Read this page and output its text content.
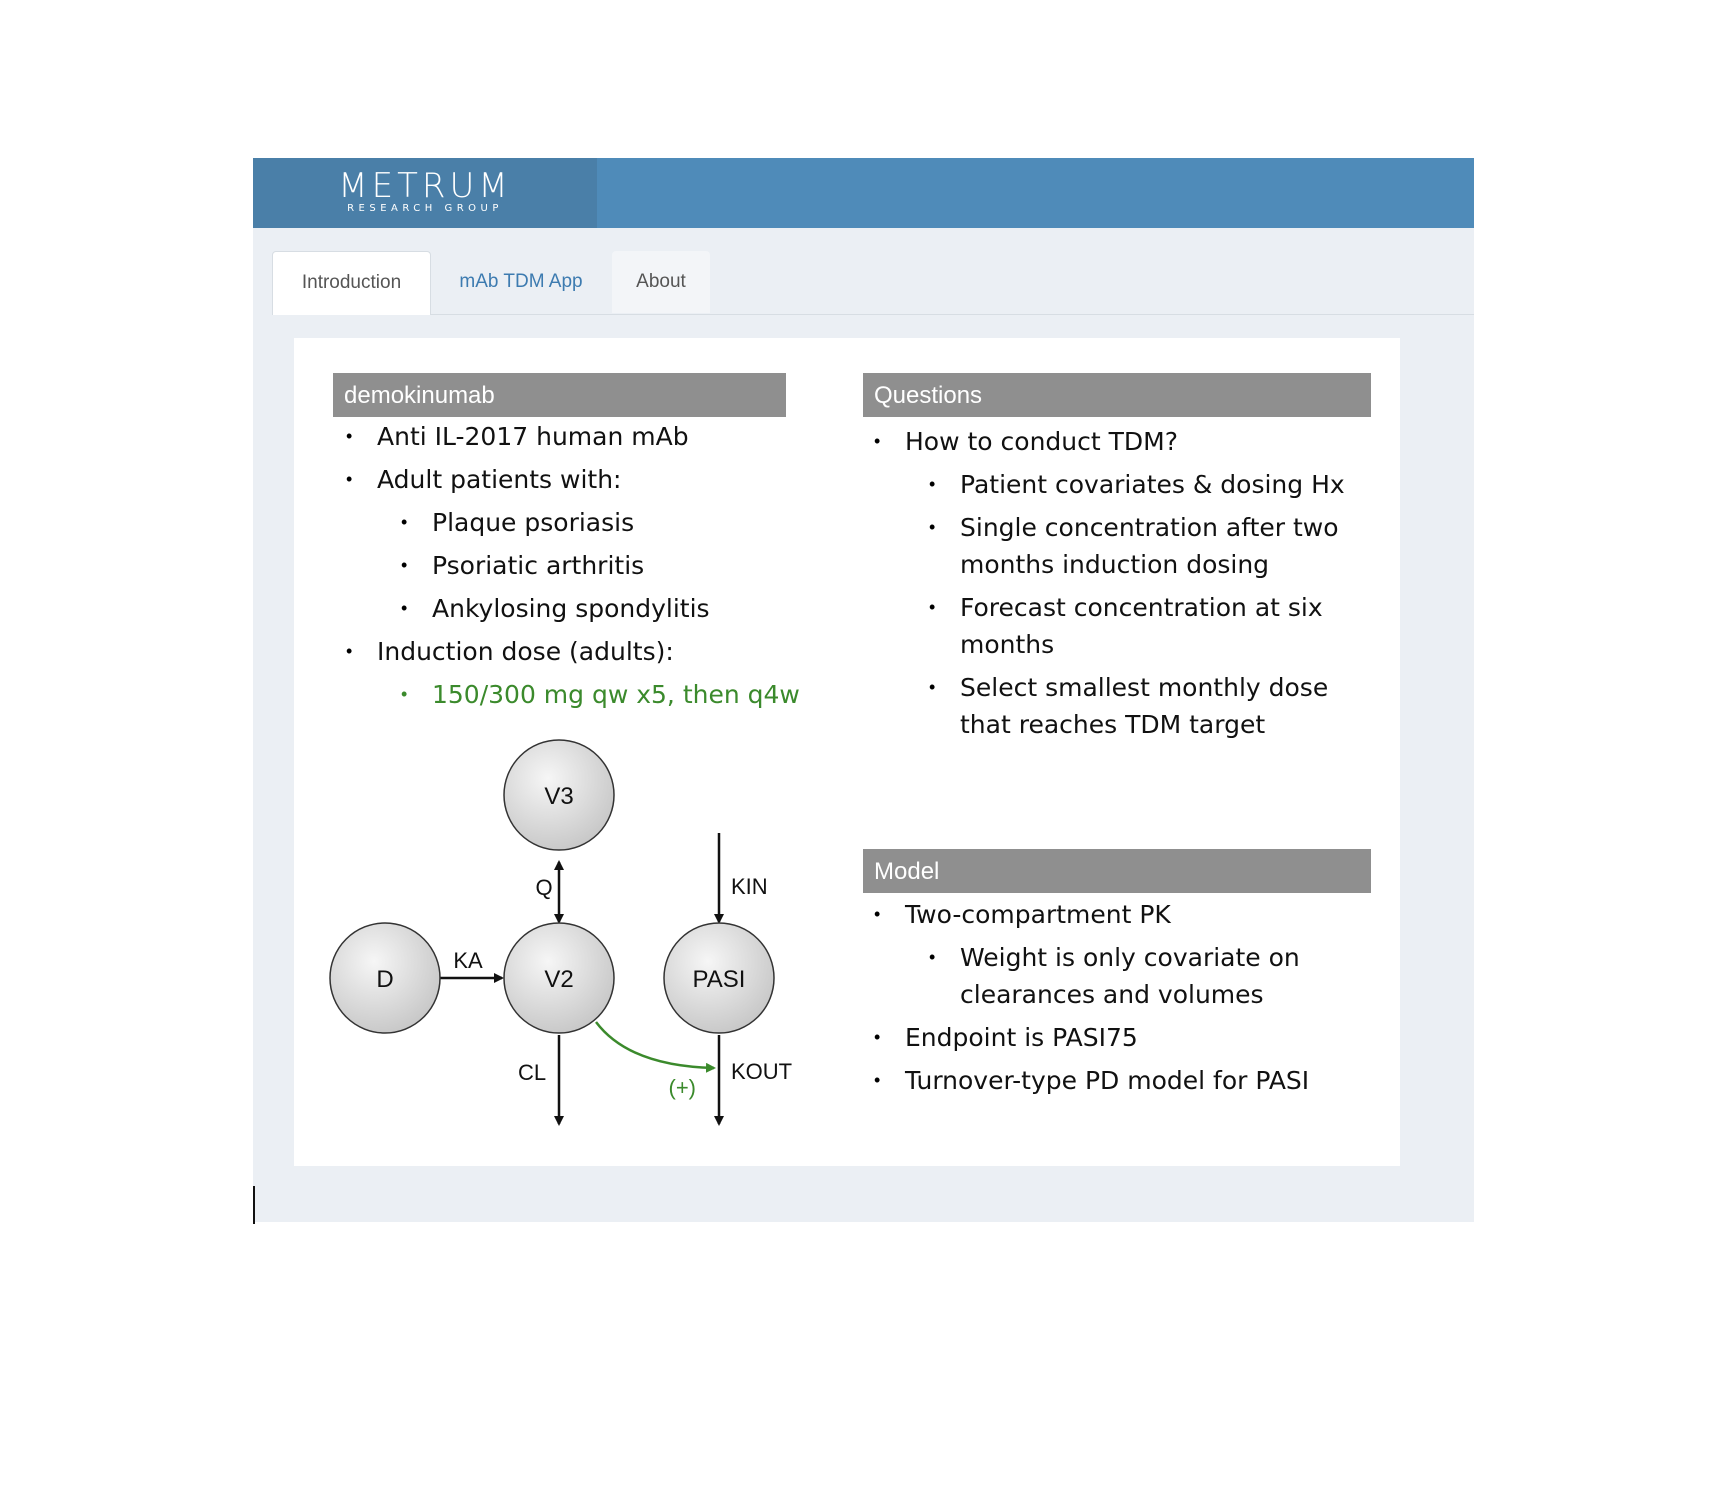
METRUM
RESEARCH GROUP
Introduction	mAb TDM App	About
demokinumab
• Anti IL-2017 human mAb
• Adult patients with:
• Plaque psoriasis
• Psoriatic arthritis
• Ankylosing spondylitis
• Induction dose (adults):
• 150/300 mg qw x5, then q4w
Questions
• How to conduct TDM?
• Patient covariates & dosing Hx
• Single concentration after two
months induction dosing
• Forecast concentration at six
months
• Select smallest monthly dose
that reaches TDM target
Model
• Two-compartment PK
• Weight is only covariate on
clearances and volumes
• Endpoint is PASI75
• Turnover-type PD model for PASI
D	V2
V3
PASI
KA
Q
CL
KIN
KOUT
(+)
